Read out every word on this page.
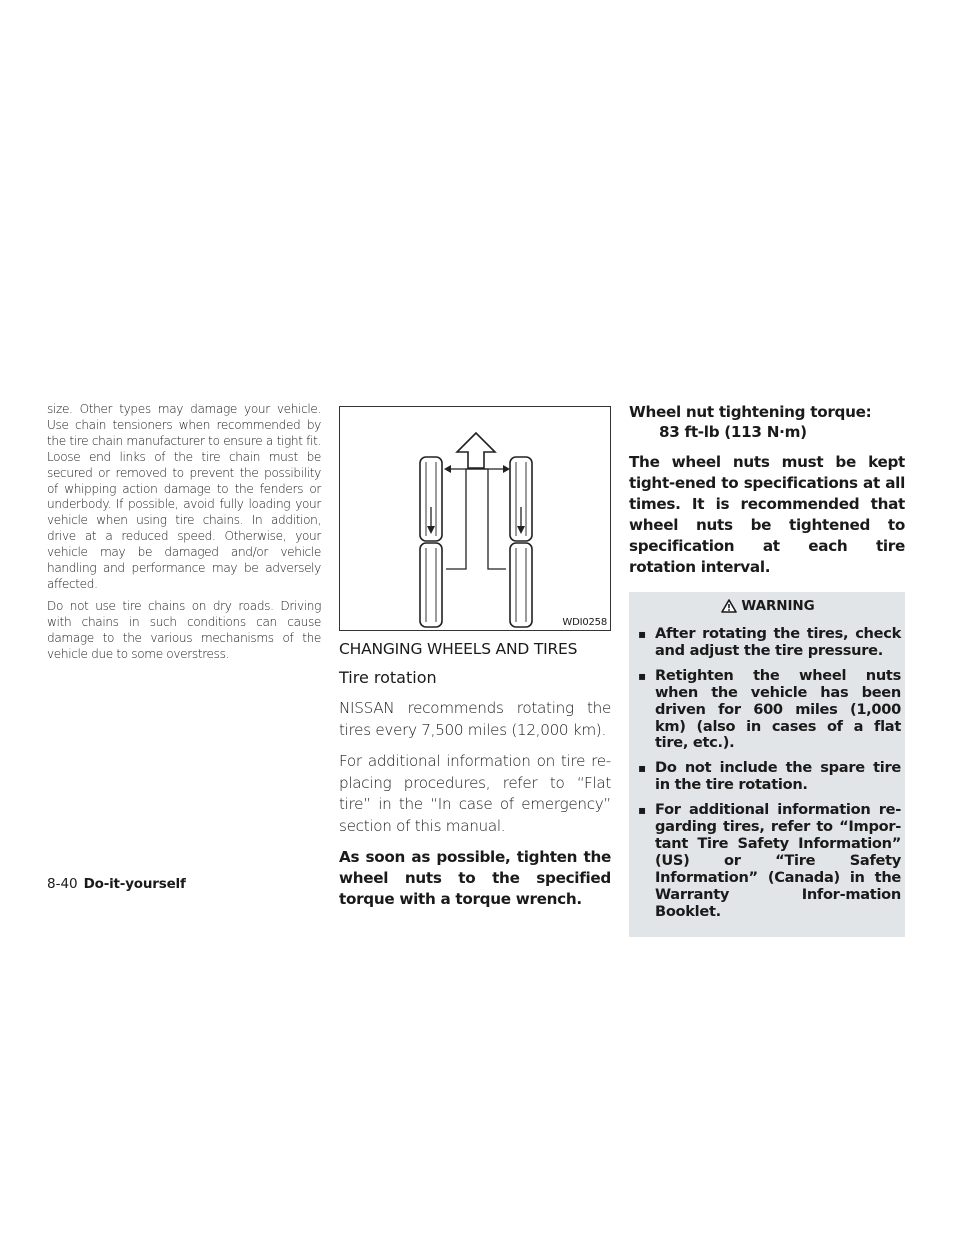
size. Other types may damage your vehicle. Use chain tensioners when recommended by the tire chain manufacturer to ensure a tight fit. Loose end links of the tire chain must be secured or removed to prevent the possibility of whipping action damage to the fenders or underbody. If possible, avoid fully loading your vehicle when using tire chains. In addition, drive at a reduced speed. Otherwise, your vehicle may be damaged and/or vehicle handling and performance may be adversely affected.

Do not use tire chains on dry roads. Driving with chains in such conditions can cause damage to the various mechanisms of the vehicle due to some overstress.

WDI0258
CHANGING WHEELS AND TIRES
Tire rotation

NISSAN recommends rotating the tires every 7,500 miles (12,000 km).

For additional information on tire re-placing procedures, refer to “Flat tire” in the “In case of emergency” section of this manual.

As soon as possible, tighten the wheel nuts to the specified torque with a torque wrench.

Wheel nut tightening torque:

83 ft-lb (113 N·m)

The wheel nuts must be kept tight-ened to specifications at all times. It is recommended that wheel nuts be tightened to specification at each tire rotation interval.

WARNING
▪ After rotating the tires, check and adjust the tire pressure.
▪ Retighten the wheel nuts when the vehicle has been driven for 600 miles (1,000 km) (also in cases of a flat tire, etc.).
▪ Do not include the spare tire in the tire rotation.
▪ For additional information re-garding tires, refer to “Impor-tant Tire Safety Information” (US) or “Tire Safety Information” (Canada) in the Warranty Infor-mation Booklet.
8-40 Do-it-yourself
